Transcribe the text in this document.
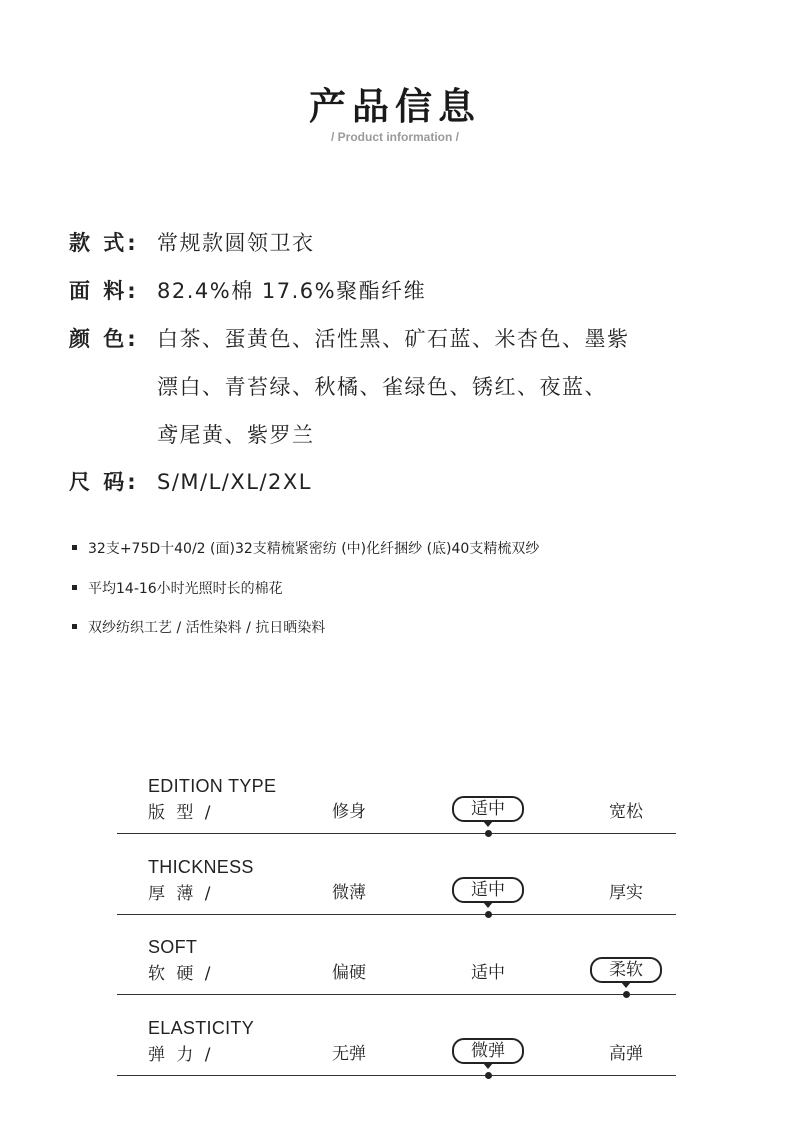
产品信息
/ Product information /
款 式: 常规款圆领卫衣
面 料: 82.4%棉 17.6%聚酯纤维
颜 色: 白茶、蛋黄色、活性黑、矿石蓝、米杏色、墨紫
漂白、青苔绿、秋橘、雀绿色、锈红、夜蓝、
鸢尾黄、紫罗兰
尺 码: S/M/L/XL/2XL
32支+75D十40/2 (面)32支精梳紧密纺 (中)化纤捆纱 (底)40支精梳双纱
平均14-16小时光照时长的棉花
双纱纺织工艺 / 活性染料 / 抗日晒染料
EDITION TYPE
版 型 /	修身	适中	宽松
THICKNESS
厚 薄 /	微薄	适中	厚实
SOFT
软 硬 /	偏硬	适中	柔软
ELASTICITY
弹 力 /	无弹	微弹	高弹
